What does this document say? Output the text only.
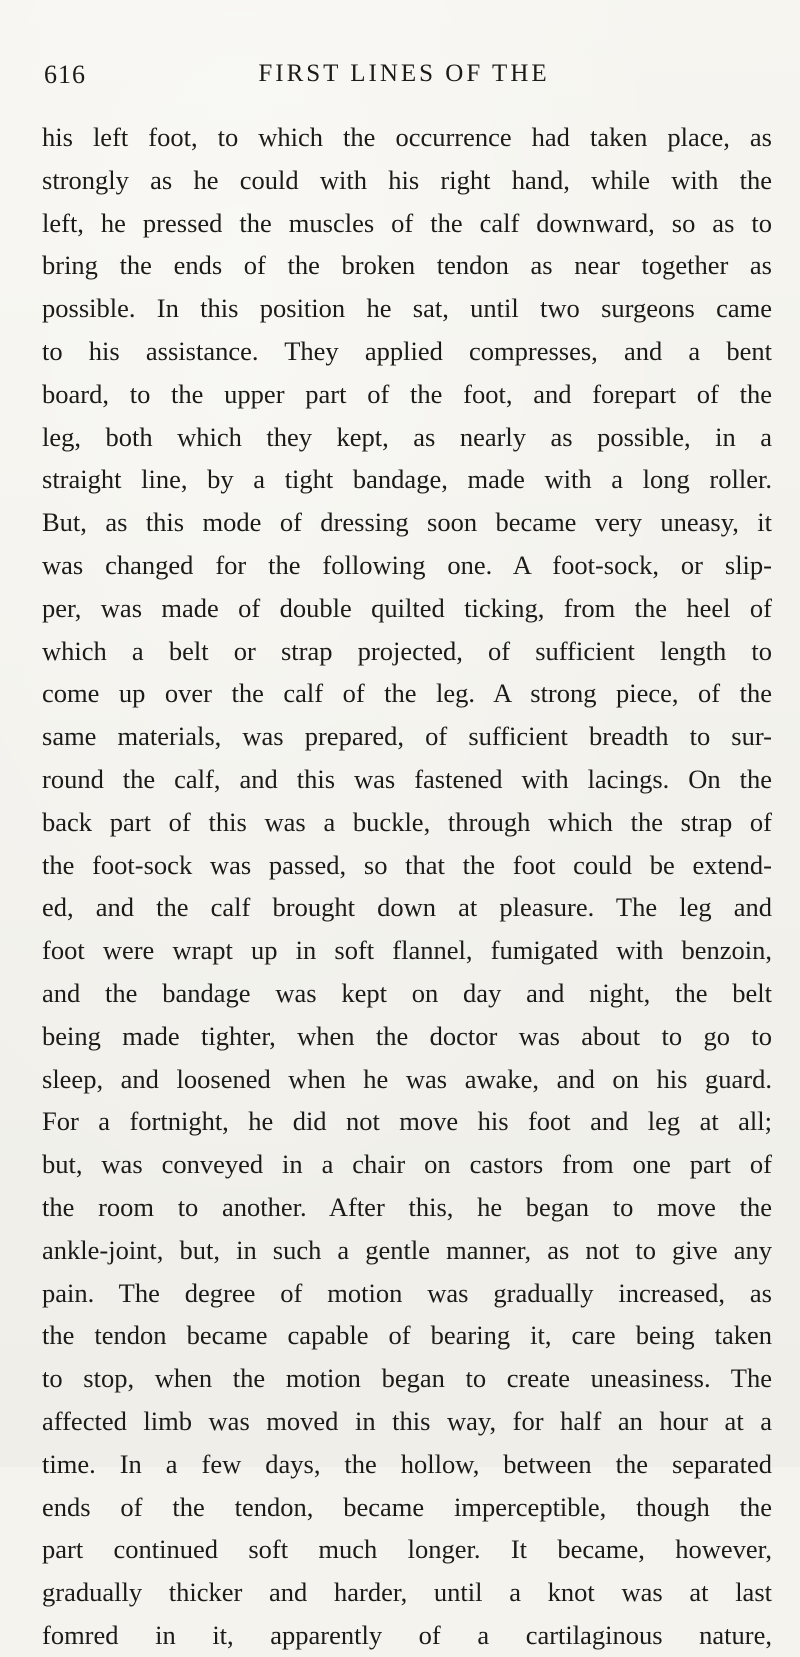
616	FIRST LINES OF THE
his left foot, to which the occurrence had taken place, as
strongly as he could with his right hand, while with the
left, he pressed the muscles of the calf downward, so as to
bring the ends of the broken tendon as near together as
possible. In this position he sat, until two surgeons came
to his assistance. They applied compresses, and a bent
board, to the upper part of the foot, and forepart of the
leg, both which they kept, as nearly as possible, in a
straight line, by a tight bandage, made with a long roller.
But, as this mode of dressing soon became very uneasy, it
was changed for the following one. A foot-sock, or slip-
per, was made of double quilted ticking, from the heel of
which a belt or strap projected, of sufficient length to
come up over the calf of the leg. A strong piece, of the
same materials, was prepared, of sufficient breadth to sur-
round the calf, and this was fastened with lacings. On the
back part of this was a buckle, through which the strap of
the foot-sock was passed, so that the foot could be extend-
ed, and the calf brought down at pleasure. The leg and
foot were wrapt up in soft flannel, fumigated with benzoin,
and the bandage was kept on day and night, the belt
being made tighter, when the doctor was about to go to
sleep, and loosened when he was awake, and on his guard.
For a fortnight, he did not move his foot and leg at all;
but, was conveyed in a chair on castors from one part of
the room to another. After this, he began to move the
ankle-joint, but, in such a gentle manner, as not to give any
pain. The degree of motion was gradually increased, as
the tendon became capable of bearing it, care being taken
to stop, when the motion began to create uneasiness. The
affected limb was moved in this way, for half an hour at a
time. In a few days, the hollow, between the separated
ends of the tendon, became imperceptible, though the
part continued soft much longer. It became, however,
gradually thicker and harder, until a knot was at last
fomred in it, apparently of a cartilaginous nature,
